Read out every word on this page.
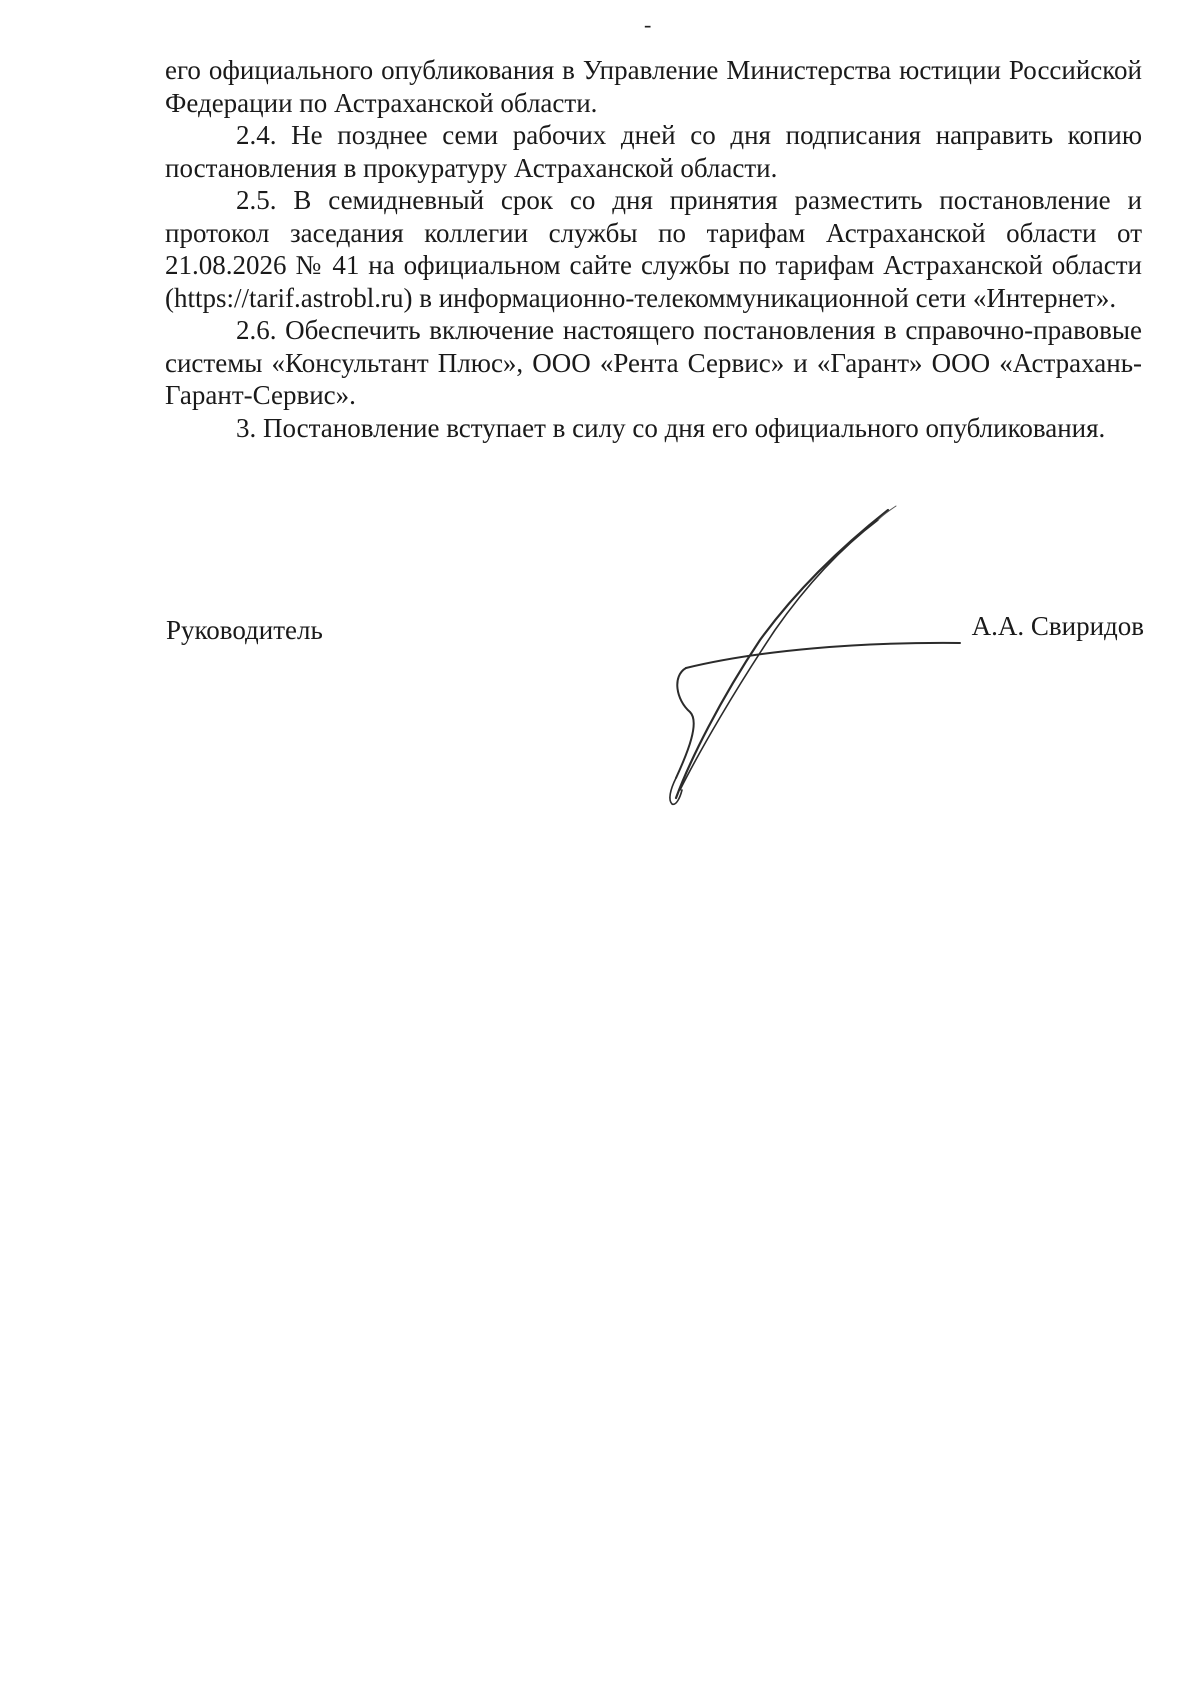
-

его официального опубликования в Управление Министерства юстиции Российской Федерации по Астраханской области.

2.4. Не позднее семи рабочих дней со дня подписания направить копию постановления в прокуратуру Астраханской области.

2.5. В семидневный срок со дня принятия разместить постановление и протокол заседания коллегии службы по тарифам Астраханской области от 21.08.2026 № 41 на официальном сайте службы по тарифам Астраханской области (https://tarif.astrobl.ru) в информационно-телекоммуникационной сети «Интернет».

2.6. Обеспечить включение настоящего постановления в справочно-правовые системы «Консультант Плюс», ООО «Рента Сервис» и «Гарант» ООО «Астрахань-Гарант-Сервис».

3. Постановление вступает в силу со дня его официального опубликования.

Руководитель	А.А. Свиридов
